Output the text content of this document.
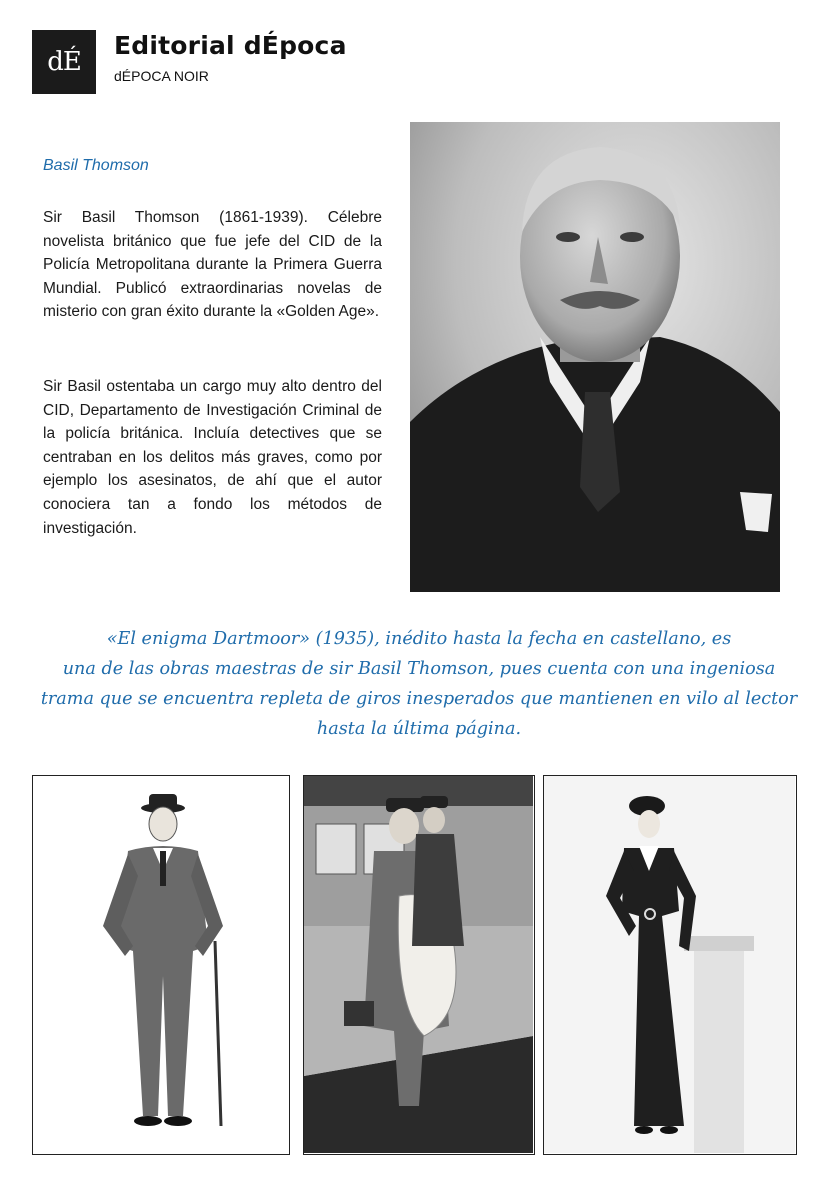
dÉ
Editorial dÉpoca
dÉPOCA NOIR
Basil Thomson

Sir Basil Thomson (1861-1939). Célebre novelista británico que fue jefe del CID de la Policía Metropolitana durante la Primera Guerra Mundial. Publicó extraordinarias novelas de misterio con gran éxito durante la «Golden Age».

Sir Basil ostentaba un cargo muy alto dentro del CID, Departamento de Investigación Criminal de la policía británica. Incluía detectives que se centraban en los delitos más graves, como por ejemplo los asesinatos, de ahí que el autor conociera tan a fondo los métodos de investigación.

«El enigma Dartmoor» (1935), inédito hasta la fecha en castellano, es
una de las obras maestras de sir Basil Thomson, pues cuenta con una ingeniosa
trama que se encuentra repleta de giros inesperados que mantienen en vilo al lector
hasta la última página.
